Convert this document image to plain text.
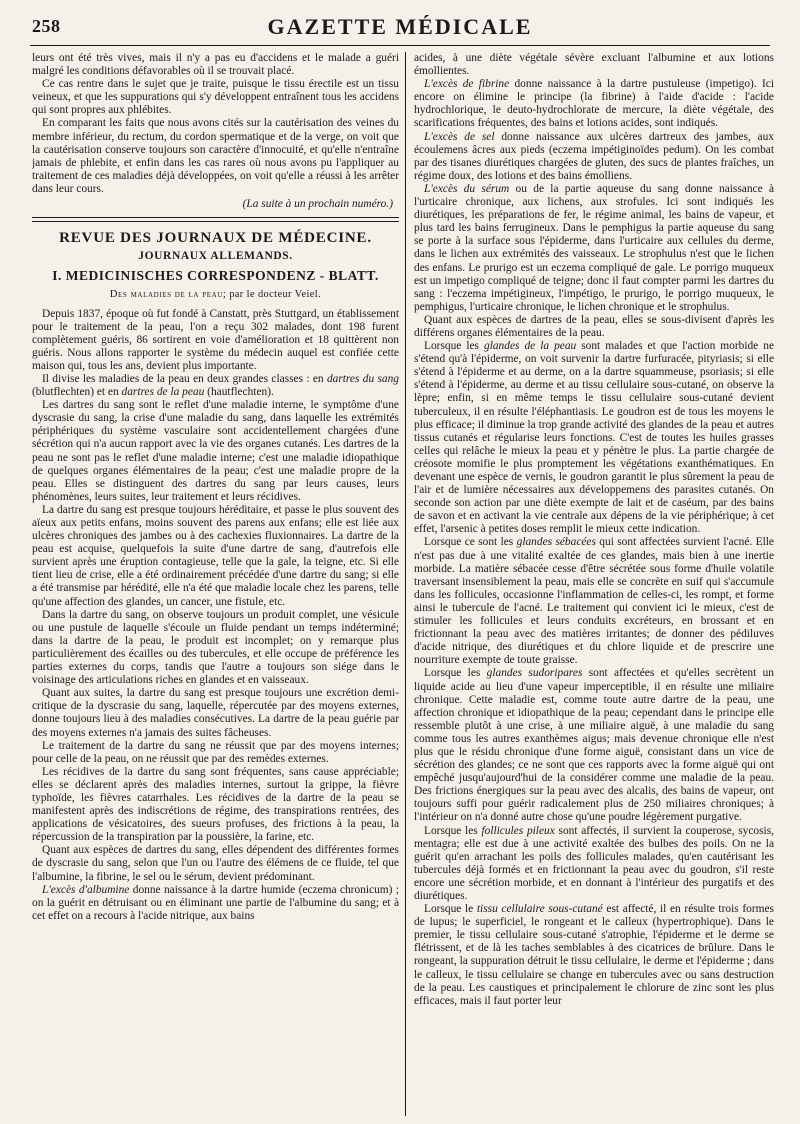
258	GAZETTE MÉDICALE

leurs ont été très vives, mais il n'y a pas eu d'accidens et le malade a guéri malgré les conditions défavorables où il se trouvait placé.

Ce cas rentre dans le sujet que je traite, puisque le tissu érectile est un tissu veineux, et que les suppurations qui s'y développent entraînent tous les accidens qui sont propres aux phlébites.

En comparant les faits que nous avons cités sur la cautérisation des veines du membre inférieur, du rectum, du cordon spermatique et de la verge, on voit que la cautérisation conserve toujours son caractère d'innocuité, et qu'elle n'entraîne jamais de phlebite, et enfin dans les cas rares où nous avons pu l'appliquer au traitement de ces maladies déjà développées, on voit qu'elle a réussi à les arrêter dans leur cours.

(La suite à un prochain numéro.)
REVUE DES JOURNAUX DE MÉDECINE.
JOURNAUX ALLEMANDS.
I. MEDICINISCHES CORRESPONDENZ - BLATT.
Des maladies de la peau; par le docteur Veiel.

Depuis 1837, époque où fut fondé à Canstatt, près Stuttgard, un établissement pour le traitement de la peau, l'on a reçu 302 malades, dont 198 furent complètement guéris, 86 sortirent en voie d'amélioration et 18 quittèrent non guéris. Nous allons rapporter le système du médecin auquel est confiée cette maison qui, tous les ans, devient plus importante.

Il divise les maladies de la peau en deux grandes classes : en dartres du sang (blutflechten) et en dartres de la peau (hautflechten).

Les dartres du sang sont le reflet d'une maladie interne, le symptôme d'une dyscrasie du sang, la crise d'une maladie du sang, dans laquelle les extrémités périphériques du système vasculaire sont accidentellement chargées d'une sécrétion qui n'a aucun rapport avec la vie des organes cutanés. Les dartres de la peau ne sont pas le reflet d'une maladie interne; c'est une maladie idiopathique de quelques organes élémentaires de la peau; c'est une maladie propre de la peau. Elles se distinguent des dartres du sang par leurs causes, leurs phénomènes, leurs suites, leur traitement et leurs récidives.

La dartre du sang est presque toujours héréditaire, et passe le plus souvent des aïeux aux petits enfans, moins souvent des parens aux enfans; elle est liée aux ulcères chroniques des jambes ou à des cachexies fluxionnaires. La dartre de la peau est acquise, quelquefois la suite d'une dartre de sang, d'autrefois elle survient après une éruption contagieuse, telle que la gale, la teigne, etc. Si elle tient lieu de crise, elle a été ordinairement précédée d'une dartre du sang; si elle a été transmise par hérédité, elle n'a été que maladie locale chez les parens, telle qu'une affection des glandes, un cancer, une fistule, etc.

Dans la dartre du sang, on observe toujours un produit complet, une vésicule ou une pustule de laquelle s'écoule un fluide pendant un temps indéterminé; dans la dartre de la peau, le produit est incomplet; on y remarque plus particulièrement des écailles ou des tubercules, et elle occupe de préférence les parties externes du corps, tandis que l'autre a toujours son siége dans le voisinage des articulations riches en glandes et en vaisseaux.

Quant aux suites, la dartre du sang est presque toujours une excrétion demi-critique de la dyscrasie du sang, laquelle, répercutée par des moyens externes, donne toujours lieu à des maladies consécutives. La dartre de la peau guérie par des moyens externes n'a jamais des suites fâcheuses.

Le traitement de la dartre du sang ne réussit que par des moyens internes; pour celle de la peau, on ne réussit que par des remèdes externes.

Les récidives de la dartre du sang sont fréquentes, sans cause appréciable; elles se déclarent après des maladies internes, surtout la grippe, la fièvre typhoïde, les fièvres catarrhales. Les récidives de la dartre de la peau se manifestent après des indiscrétions de régime, des transpirations rentrées, des applications de vésicatoires, des sueurs profuses, des frictions à la peau, la répercussion de la transpiration par la poussière, la farine, etc.

Quant aux espèces de dartres du sang, elles dépendent des différentes formes de dyscrasie du sang, selon que l'un ou l'autre des élémens de ce fluide, tel que l'albumine, la fibrine, le sel ou le sérum, devient prédominant.

L'excès d'albumine donne naissance à la dartre humide (eczema chronicum) ; on la guérit en détruisant ou en éliminant une partie de l'albumine du sang; et à cet effet on a recours à l'acide nitrique, aux bains

acides, à une diète végétale sévère excluant l'albumine et aux lotions émollientes.

L'excès de fibrine donne naissance à la dartre pustuleuse (impetigo). Ici encore on élimine le principe (la fibrine) à l'aide d'acide : l'acide hydrochlorique, le deuto-hydrochlorate de mercure, la diète végétale, des scarifications fréquentes, des bains et lotions acides, sont indiqués.

L'excès de sel donne naissance aux ulcères dartreux des jambes, aux écoulemens âcres aux pieds (eczema impétiginoïdes pedum). On les combat par des tisanes diurétiques chargées de gluten, des sucs de plantes fraîches, un régime doux, des lotions et des bains émolliens.

L'excès du sérum ou de la partie aqueuse du sang donne naissance à l'urticaire chronique, aux lichens, aux strofules. Ici sont indiqués les diurétiques, les préparations de fer, le régime animal, les bains de vapeur, et plus tard les bains ferrugineux. Dans le pemphigus la partie aqueuse du sang se porte à la surface sous l'épiderme, dans l'urticaire aux cellules du derme, dans le lichen aux extrémités des vaisseaux. Le strophulus n'est que le lichen des enfans. Le prurigo est un eczema compliqué de gale. Le porrigo muqueux est un impetigo compliqué de teigne; donc il faut compter parmi les dartres du sang : l'eczema impétigineux, l'impétigo, le prurigo, le porrigo muqueux, le pemphigus, l'urticaire chronique, le lichen chronique et le strophulus.

Quant aux espèces de dartres de la peau, elles se sous-divisent d'après les différens organes élémentaires de la peau.

Lorsque les glandes de la peau sont malades et que l'action morbide ne s'étend qu'à l'épiderme, on voit survenir la dartre furfuracée, pityriasis; si elle s'étend à l'épiderme et au derme, on a la dartre squammeuse, psoriasis; si elle s'étend à l'épiderme, au derme et au tissu cellulaire sous-cutané, on observe la lèpre; enfin, si en même temps le tissu cellulaire sous-cutané devient tuberculeux, il en résulte l'éléphantiasis. Le goudron est de tous les moyens le plus efficace; il diminue la trop grande activité des glandes de la peau et autres tissus cutanés et régularise leurs fonctions. C'est de toutes les huiles grasses celles qui relâche le mieux la peau et y pénètre le plus. La partie chargée de créosote momifie le plus promptement les végétations exanthématiques. En devenant une espèce de vernis, le goudron garantit le plus sûrement la peau de l'air et de lumière nécessaires aux développemens des parasites cutanés. On seconde son action par une diète exempte de lait et de caséum, par des bains de savon et en activant la vie centrale aux dépens de la vie périphérique; à cet effet, l'arsenic à petites doses remplit le mieux cette indication.

Lorsque ce sont les glandes sébacées qui sont affectées survient l'acné. Elle n'est pas due à une vitalité exaltée de ces glandes, mais bien à une inertie morbide. La matière sébacée cesse d'être sécrétée sous forme d'huile volatile traversant insensiblement la peau, mais elle se concrète en suif qui s'accumule dans les follicules, occasionne l'inflammation de celles-ci, les rompt, et forme ainsi le tubercule de l'acné. Le traitement qui convient ici le mieux, c'est de stimuler les follicules et leurs conduits excréteurs, en brossant et en frictionnant la peau avec des matières irritantes; de donner des pédiluves d'acide nitrique, des diurétiques et du chlore liquide et de prescrire une nourriture exempte de toute graisse.

Lorsque les glandes sudoripares sont affectées et qu'elles secrètent un liquide acide au lieu d'une vapeur imperceptible, il en résulte une miliaire chronique. Cette maladie est, comme toute autre dartre de la peau, une affection chronique et idiopathique de la peau; cependant dans le principe elle ressemble plutôt à une crise, à une miliaire aiguë, à une maladie du sang comme tous les autres exanthèmes aigus; mais devenue chronique elle n'est plus que le résidu chronique d'une forme aiguë, consistant dans un vice de sécrétion des glandes; ce ne sont que ces rapports avec la forme aiguë qui ont empêché jusqu'aujourd'hui de la considérer comme une maladie de la peau. Des frictions énergiques sur la peau avec des alcalis, des bains de vapeur, ont toujours suffi pour guérir radicalement plus de 250 miliaires chroniques; à l'intérieur on n'a donné autre chose qu'une poudre légèrement purgative.

Lorsque les follicules pileux sont affectés, il survient la couperose, sycosis, mentagra; elle est due à une activité exaltée des bulbes des poils. On ne la guérit qu'en arrachant les poils des follicules malades, qu'en cautérisant les tubercules déjà formés et en frictionnant la peau avec du goudron, s'il reste encore une sécrétion morbide, et en donnant à l'intérieur des purgatifs et des diurétiques.

Lorsque le tissu cellulaire sous-cutané est affecté, il en résulte trois formes de lupus; le superficiel, le rongeant et le calleux (hypertrophique). Dans le premier, le tissu cellulaire sous-cutané s'atrophie, l'épiderme et le derme se flétrissent, et de là les taches semblables à des cicatrices de brûlure. Dans le rongeant, la suppuration détruit le tissu cellulaire, le derme et l'épiderme ; dans le calleux, le tissu cellulaire se change en tubercules avec ou sans destruction de la peau. Les caustiques et principalement le chlorure de zinc sont les plus efficaces, mais il faut porter leur
